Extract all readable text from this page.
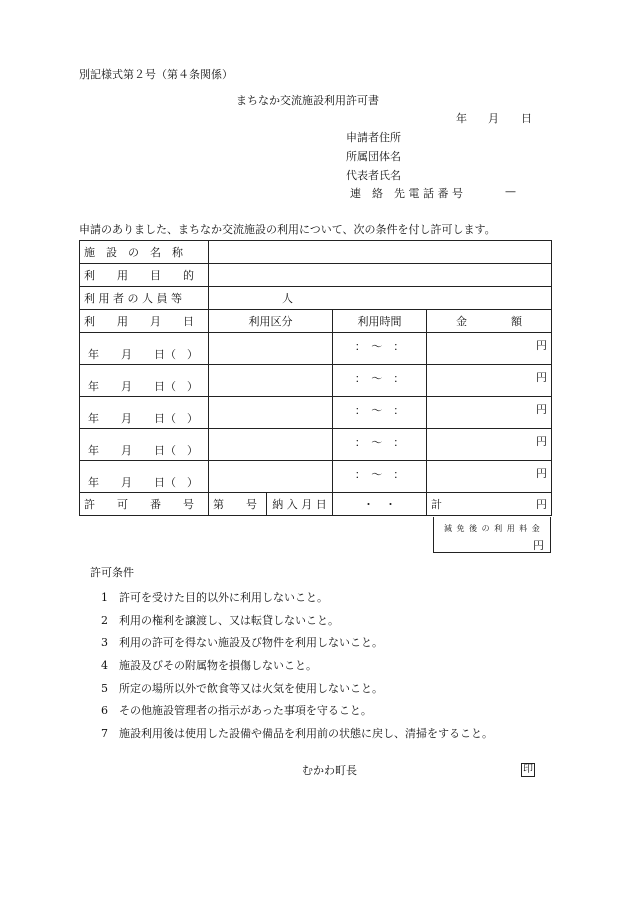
別記様式第２号（第４条関係）
まちなか交流施設利用許可書
年 月 日
申請者住所
所属団体名
代表者氏名
連　絡　先 電 話 番 号	—
申請のありました、まちなか交流施設の利用について、次の条件を付し許可します。
施　設　の　名　称				
利　　用　　目　　的				
利 用 者 の 人 員 等	人			
利　　用　　月　　日	利用区分		利用時間	金　　　　額

年　　月　　日（　）			：　〜　：	円

年　　月　　日（　）			：　〜　：	円

年　　月　　日（　）			：　〜　：	円

年　　月　　日（　）			：　〜　：	円

年　　月　　日（　）			：　〜　：	円

許　　可　　番　　号	第　　号	納 入 月 日	・　・	計 円
減 免 後 の 利 用 料 金
円
許可条件
1 許可を受けた目的以外に利用しないこと。
2 利用の権利を譲渡し、又は転貸しないこと。
3 利用の許可を得ない施設及び物件を利用しないこと。
4 施設及びその附属物を損傷しないこと。
5 所定の場所以外で飲食等又は火気を使用しないこと。
6 その他施設管理者の指示があった事項を守ること。
7 施設利用後は使用した設備や備品を利用前の状態に戻し、清掃をすること。
むかわ町長	印
